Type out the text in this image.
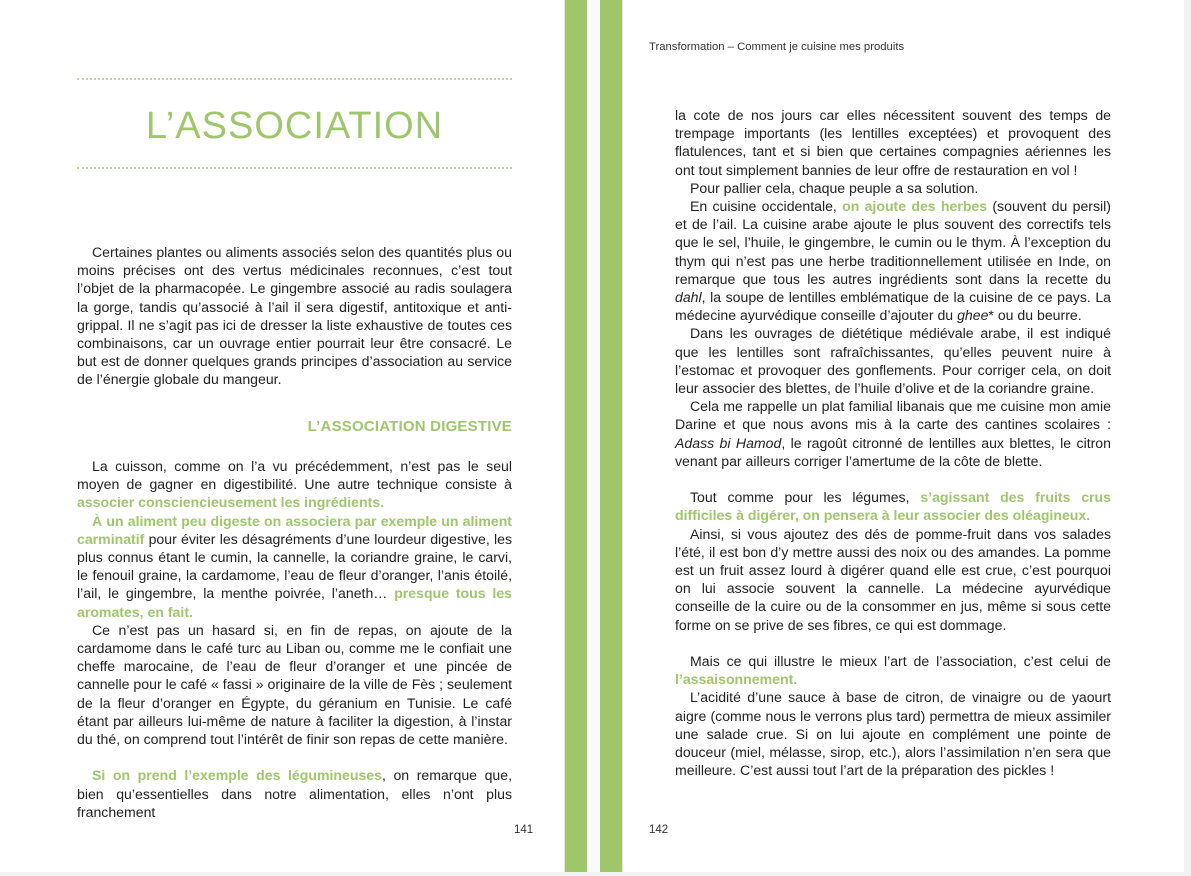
L’ASSOCIATION

Certaines plantes ou aliments associés selon des quantités plus ou moins précises ont des vertus médicinales reconnues, c’est tout l’objet de la pharmacopée. Le gingembre associé au radis soulagera la gorge, tandis qu’associé à l’ail il sera digestif, antitoxique et anti-grippal. Il ne s’agit pas ici de dresser la liste exhaustive de toutes ces combinaisons, car un ouvrage entier pourrait leur être consacré. Le but est de donner quelques grands principes d’association au service de l’énergie globale du mangeur.

L’ASSOCIATION DIGESTIVE

La cuisson, comme on l’a vu précédemment, n’est pas le seul moyen de gagner en digestibilité. Une autre technique consiste à associer consciencieusement les ingrédients.

À un aliment peu digeste on associera par exemple un aliment carminatif pour éviter les désagréments d’une lourdeur digestive, les plus connus étant le cumin, la cannelle, la coriandre graine, le carvi, le fenouil graine, la cardamome, l’eau de fleur d’oranger, l’anis étoilé, l’ail, le gingembre, la menthe poivrée, l’aneth… presque tous les aromates, en fait.

Ce n’est pas un hasard si, en fin de repas, on ajoute de la cardamome dans le café turc au Liban ou, comme me le confiait une cheffe marocaine, de l’eau de fleur d’oranger et une pincée de cannelle pour le café « fassi » originaire de la ville de Fès ; seulement de la fleur d’oranger en Égypte, du géranium en Tunisie. Le café étant par ailleurs lui-même de nature à faciliter la digestion, à l’instar du thé, on comprend tout l’intérêt de finir son repas de cette manière.

Si on prend l’exemple des légumineuses, on remarque que, bien qu’essentielles dans notre alimentation, elles n’ont plus franchement

141
Transformation – Comment je cuisine mes produits

la cote de nos jours car elles nécessitent souvent des temps de trempage importants (les lentilles exceptées) et provoquent des flatulences, tant et si bien que certaines compagnies aériennes les ont tout simplement bannies de leur offre de restauration en vol !

Pour pallier cela, chaque peuple a sa solution.

En cuisine occidentale, on ajoute des herbes (souvent du persil) et de l’ail. La cuisine arabe ajoute le plus souvent des correctifs tels que le sel, l’huile, le gingembre, le cumin ou le thym. À l’exception du thym qui n’est pas une herbe traditionnellement utilisée en Inde, on remarque que tous les autres ingrédients sont dans la recette du dahl, la soupe de lentilles emblématique de la cuisine de ce pays. La médecine ayurvédique conseille d’ajouter du ghee* ou du beurre.

Dans les ouvrages de diététique médiévale arabe, il est indiqué que les lentilles sont rafraîchissantes, qu’elles peuvent nuire à l’estomac et provoquer des gonflements. Pour corriger cela, on doit leur associer des blettes, de l’huile d’olive et de la coriandre graine.

Cela me rappelle un plat familial libanais que me cuisine mon amie Darine et que nous avons mis à la carte des cantines scolaires : Adass bi Hamod, le ragoût citronné de lentilles aux blettes, le citron venant par ailleurs corriger l’amertume de la côte de blette.

Tout comme pour les légumes, s’agissant des fruits crus difficiles à digérer, on pensera à leur associer des oléagineux.

Ainsi, si vous ajoutez des dés de pomme-fruit dans vos salades l’été, il est bon d’y mettre aussi des noix ou des amandes. La pomme est un fruit assez lourd à digérer quand elle est crue, c’est pourquoi on lui associe souvent la cannelle. La médecine ayurvédique conseille de la cuire ou de la consommer en jus, même si sous cette forme on se prive de ses fibres, ce qui est dommage.

Mais ce qui illustre le mieux l’art de l’association, c’est celui de l’assaisonnement.

L’acidité d’une sauce à base de citron, de vinaigre ou de yaourt aigre (comme nous le verrons plus tard) permettra de mieux assimiler une salade crue. Si on lui ajoute en complément une pointe de douceur (miel, mélasse, sirop, etc.), alors l’assimilation n’en sera que meilleure. C’est aussi tout l’art de la préparation des pickles !

142
